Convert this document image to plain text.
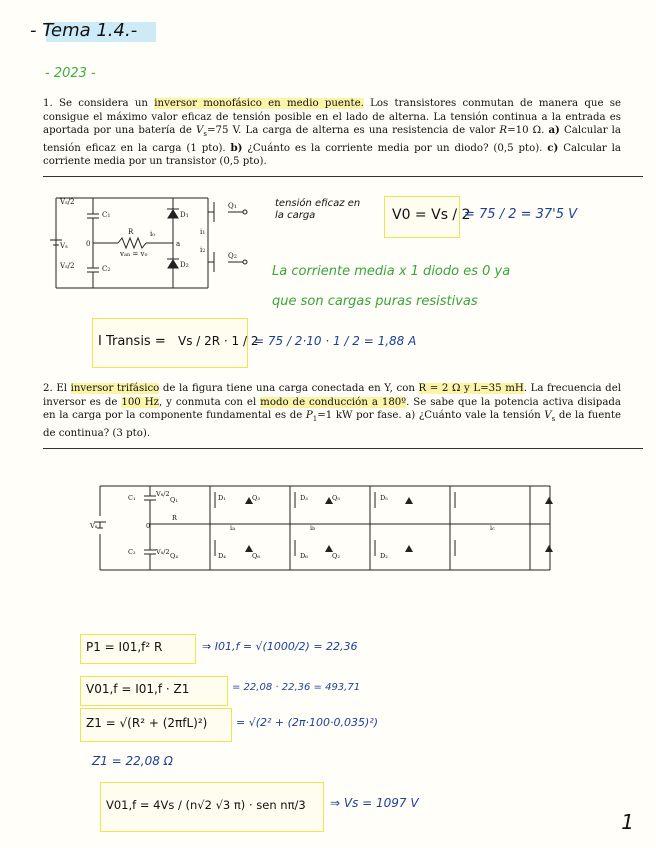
- Tema 1.4.-
- 2023 -
1. Se considera un inversor monofásico en medio puente. Los transistores conmutan de manera que se consigue el máximo valor eficaz de tensión posible en el lado de alterna. La tensión continua a la entrada es aportada por una batería de $V_s=75$ V. La carga de alterna es una resistencia de valor R=10 Ω. a) Calcular la tensión eficaz en la carga (1 pto). b) ¿Cuánto es la corriente media por un diodo? (0,5 pto). c) Calcular la corriente media por un transistor (0,5 pto).
Vs/2
C1
C2
Vs
Vs/2
R i₀
van = vo
0	a
D1
D2
Q1
Q2
i1
i2
tensión eficaz en la carga	V0 = Vs / 2
= 75 / 2 = 37'5 V
La corriente media x 1 diodo es 0 ya
que son cargas puras resistivas
I Transis = Vs / 2R · 1 / 2
= 75 / 2·10 · 1 / 2 = 1,88 A
2. El inversor trifásico de la figura tiene una carga conectada en Y, con R = 2 Ω y L=35 mH. La frecuencia del inversor es de 100 Hz, y conmuta con el modo de conducción a 180º. Se sabe que la potencia activa disipada en la carga por la componente fundamental es de $P_1=1$ kW por fase. a) ¿Cuánto vale la tensión $V_s$ de la fuente de continua? (3 pto).
C₁	Vs/2
Q₁	D₁	Q₃	D₃	Q₅	D₅
Vs	0
R
ia	ib	ic
C₂	Vs/2 Q₄	D₄	Q₆	D₆	Q₂	D₂
P1 = I01,f² R	⇒ I01,f = √(1000/2) = 22,36
V01,f = I01,f · Z1	= 22,08 · 22,36 = 493,71
Z1 = √(R² + (2πfL)²)	= √(2² + (2π·100·0,035)²)
Z1 = 22,08 Ω
V01,f = 4Vs / (n√2 √3 π) · sen nπ/3 ⇒ Vs = 1097 V
1
